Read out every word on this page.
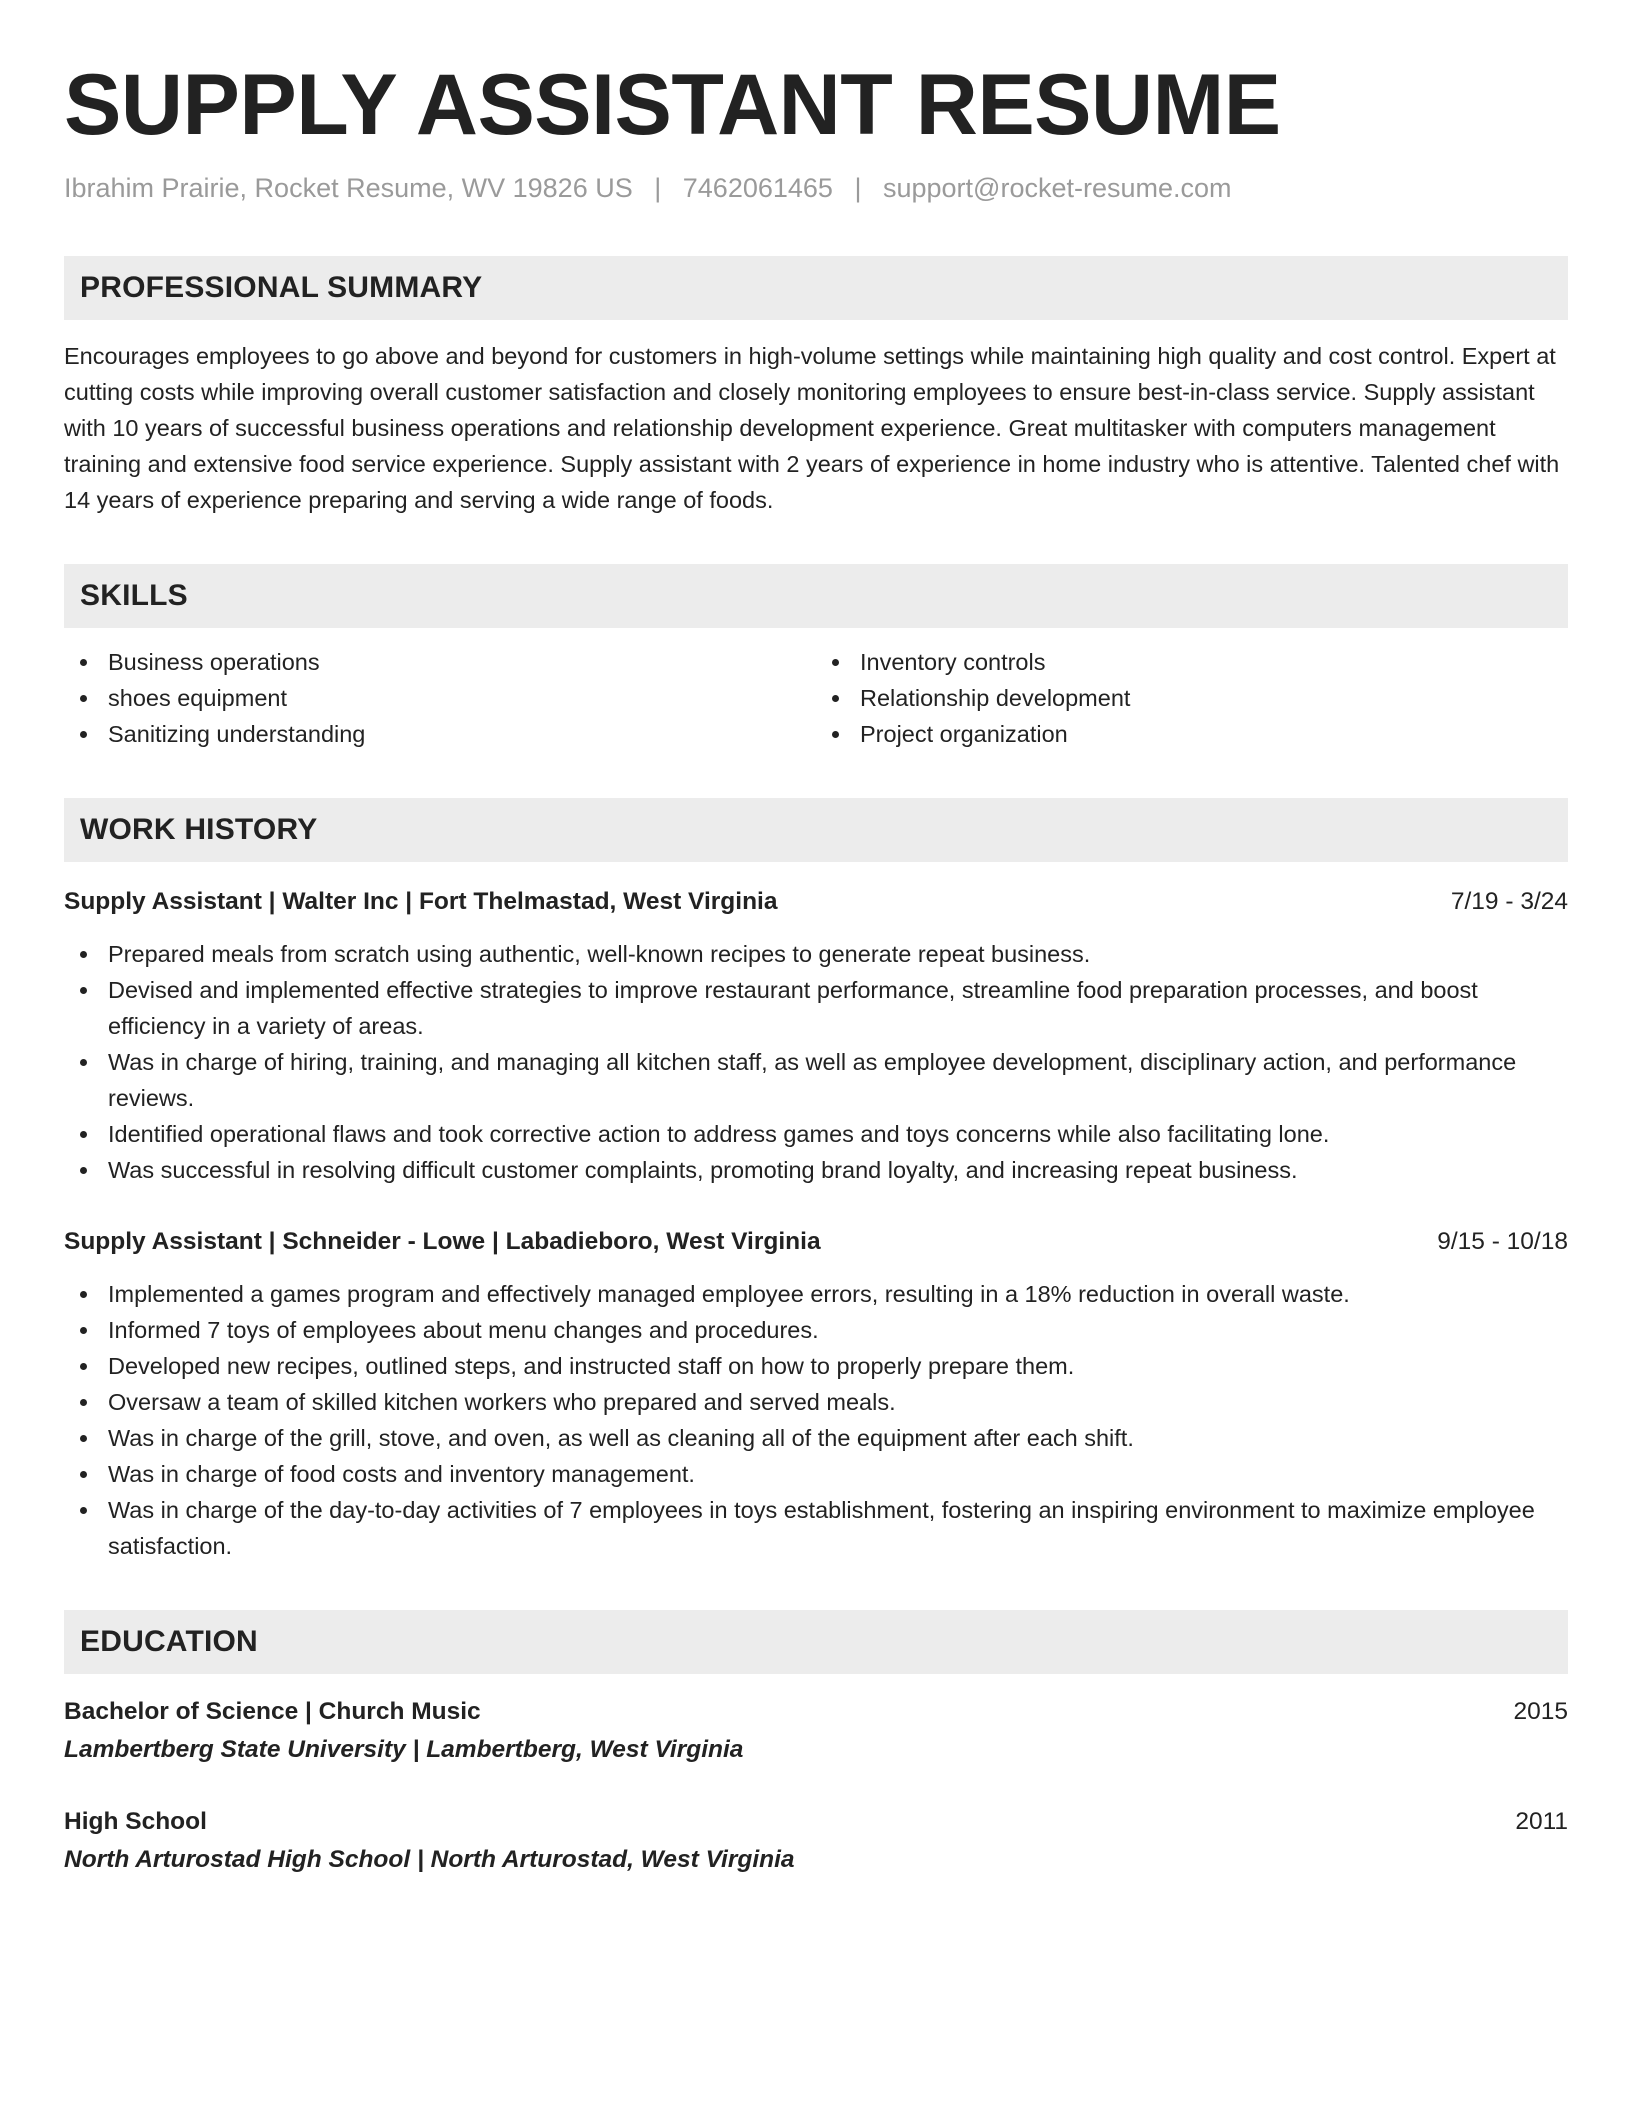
SUPPLY ASSISTANT RESUME
Ibrahim Prairie, Rocket Resume, WV 19826 US | 7462061465 | support@rocket-resume.com
PROFESSIONAL SUMMARY

Encourages employees to go above and beyond for customers in high-volume settings while maintaining high quality and cost control. Expert at cutting costs while improving overall customer satisfaction and closely monitoring employees to ensure best-in-class service. Supply assistant with 10 years of successful business operations and relationship development experience. Great multitasker with computers management training and extensive food service experience. Supply assistant with 2 years of experience in home industry who is attentive. Talented chef with 14 years of experience preparing and serving a wide range of foods.

SKILLS
Business operations
shoes equipment
Sanitizing understanding
Inventory controls
Relationship development
Project organization
WORK HISTORY
Supply Assistant | Walter Inc | Fort Thelmastad, West Virginia	7/19 - 3/24
Prepared meals from scratch using authentic, well-known recipes to generate repeat business.
Devised and implemented effective strategies to improve restaurant performance, streamline food preparation processes, and boost efficiency in a variety of areas.
Was in charge of hiring, training, and managing all kitchen staff, as well as employee development, disciplinary action, and performance reviews.
Identified operational flaws and took corrective action to address games and toys concerns while also facilitating lone.
Was successful in resolving difficult customer complaints, promoting brand loyalty, and increasing repeat business.
Supply Assistant | Schneider - Lowe | Labadieboro, West Virginia	9/15 - 10/18
Implemented a games program and effectively managed employee errors, resulting in a 18% reduction in overall waste.
Informed 7 toys of employees about menu changes and procedures.
Developed new recipes, outlined steps, and instructed staff on how to properly prepare them.
Oversaw a team of skilled kitchen workers who prepared and served meals.
Was in charge of the grill, stove, and oven, as well as cleaning all of the equipment after each shift.
Was in charge of food costs and inventory management.
Was in charge of the day-to-day activities of 7 employees in toys establishment, fostering an inspiring environment to maximize employee satisfaction.
EDUCATION
Bachelor of Science | Church Music	2015
Lambertberg State University | Lambertberg, West Virginia
High School	2011
North Arturostad High School | North Arturostad, West Virginia
